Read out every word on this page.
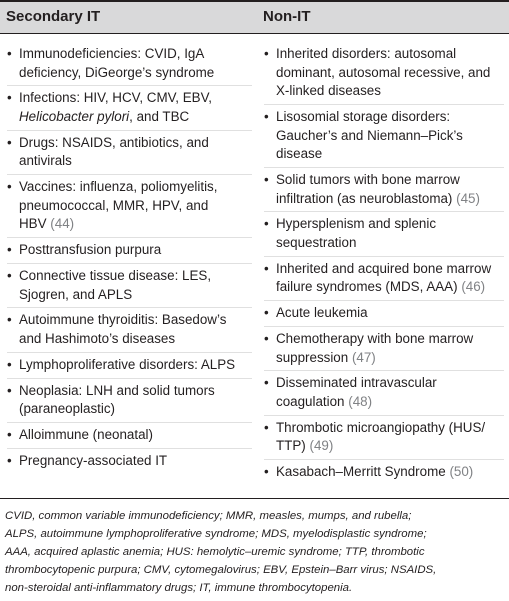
Secondary IT	Non-IT
• Immunodeficiencies: CVID, IgA
deficiency, DiGeorge’s syndrome
• Infections: HIV, HCV, CMV, EBV,
Helicobacter pylori, and TBC
• Drugs: NSAIDS, antibiotics, and
antivirals
• Vaccines: influenza, poliomyelitis,
pneumococcal, MMR, HPV, and
HBV (44)
• Posttransfusion purpura
• Connective tissue disease: LES,
Sjogren, and APLS
• Autoimmune thyroiditis: Basedow’s
and Hashimoto’s diseases
• Lymphoproliferative disorders: ALPS
• Neoplasia: LNH and solid tumors
(paraneoplastic)
• Alloimmune (neonatal)
• Pregnancy-associated IT
• Inherited disorders: autosomal
dominant, autosomal recessive, and
X-linked diseases
• Lisosomial storage disorders:
Gaucher’s and Niemann–Pick’s
disease
• Solid tumors with bone marrow
infiltration (as neuroblastoma) (45)
• Hypersplenism and splenic
sequestration
• Inherited and acquired bone marrow
failure syndromes (MDS, AAA) (46)
• Acute leukemia
• Chemotherapy with bone marrow
suppression (47)
• Disseminated intravascular
coagulation (48)
• Thrombotic microangiopathy (HUS/
TTP) (49)
• Kasabach–Merritt Syndrome (50)
CVID, common variable immunodeficiency; MMR, measles, mumps, and rubella;
ALPS, autoimmune lymphoproliferative syndrome; MDS, myelodisplastic syndrome;
AAA, acquired aplastic anemia; HUS: hemolytic–uremic syndrome; TTP, thrombotic
thrombocytopenic purpura; CMV, cytomegalovirus; EBV, Epstein–Barr virus; NSAIDS,
non-steroidal anti-inflammatory drugs; IT, immune thrombocytopenia.
